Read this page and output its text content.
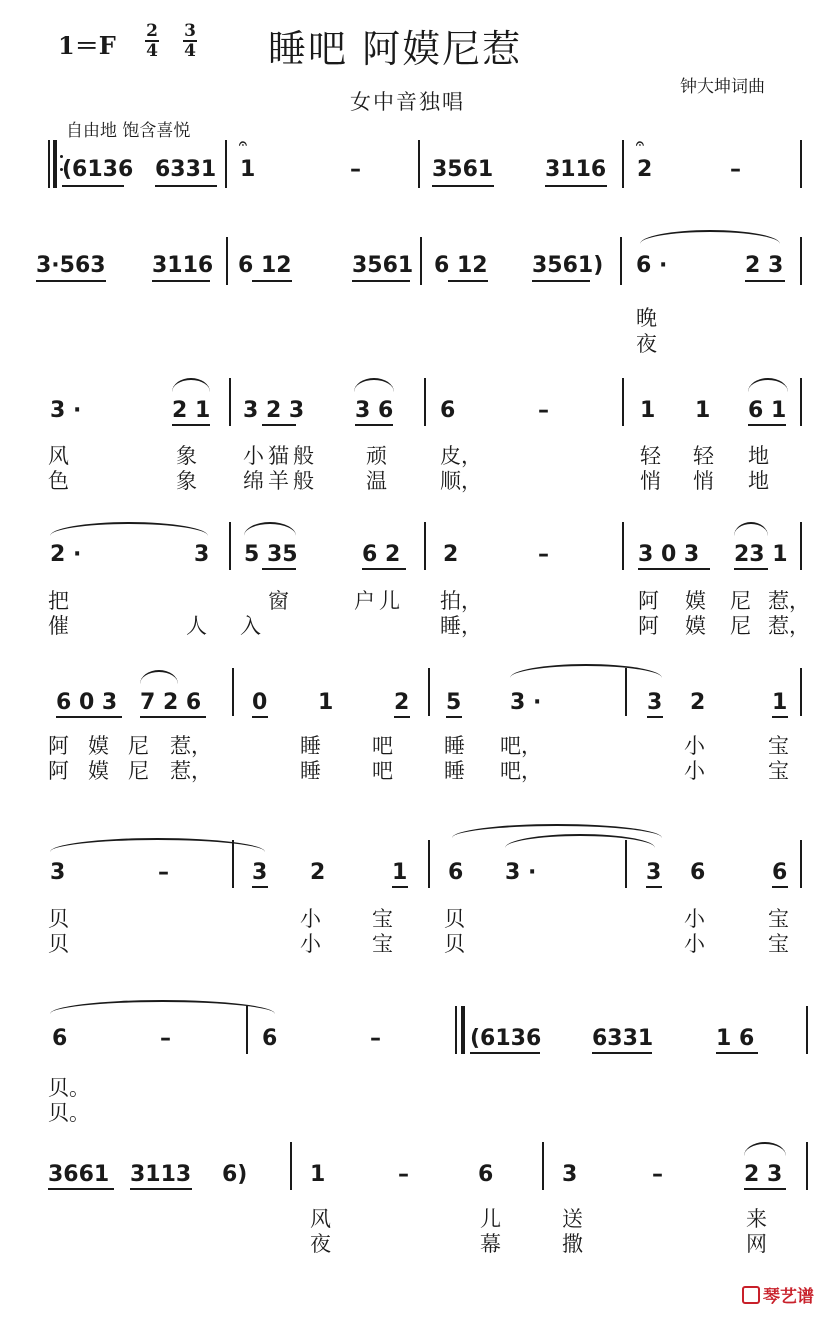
1＝F 2
4
3
4 睡吧 阿嫫尼惹
女中音独唱
钟大坤词曲
自由地 饱含喜悦
(6136 6331
𝄐
1	–	3561 3116
𝄐
2	–
3·563 3116 6 12	3561 6 12 3561) 6 ·	2 3
晚
夜
3 ·	2 1 3 2 3 3 6 6	–	1 1 6 1
风	象 小猫般 顽	皮，	轻 轻 地
色	象 绵羊般 温	顺，	悄 悄 地
2 ·	3 5 35	6 2 2	–	3 0 3 23 1
把	窗	户儿 拍，	阿 嫫 尼 惹，
催	人 入	睡，	阿 嫫 尼 惹，
6 0 3 7 2 6 0 1	2 5 3 ·	3 2	1
阿 嫫 尼 惹，	睡 吧 睡 吧，	小	宝
阿 嫫 尼 惹，	睡 吧 睡 吧，	小	宝
3	–	3 2	1 6 3 ·	3 6	6
贝	小 宝 贝	小	宝
贝	小 宝 贝	小	宝
6	–	6	–	(6136 6331	1 6
贝。
贝。
3661 3113 6)	1	–	6	3	–	2 3
风	儿	送	来
夜	幕	撒	网
琴艺谱
